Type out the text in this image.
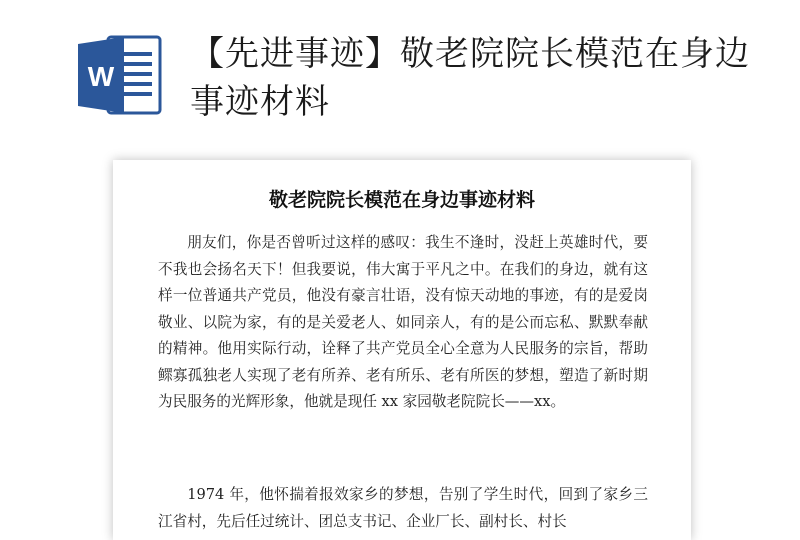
W
【先进事迹】敬老院院长模范在身边事迹材料
敬老院院长模范在身边事迹材料
朋友们，你是否曾听过这样的感叹：我生不逢时，没赶上英雄时代，要不我也会扬名天下！但我要说，伟大寓于平凡之中。在我们的身边，就有这样一位普通共产党员，他没有豪言壮语，没有惊天动地的事迹，有的是爱岗敬业、以院为家，有的是关爱老人、如同亲人，有的是公而忘私、默默奉献的精神。他用实际行动，诠释了共产党员全心全意为人民服务的宗旨，帮助鳏寡孤独老人实现了老有所养、老有所乐、老有所医的梦想，塑造了新时期为民服务的光辉形象，他就是现任 xx 家园敬老院院长——xx。
1974 年，他怀揣着报效家乡的梦想，告别了学生时代，回到了家乡三江省村，先后任过统计、团总支书记、企业厂长、副村长、村长
